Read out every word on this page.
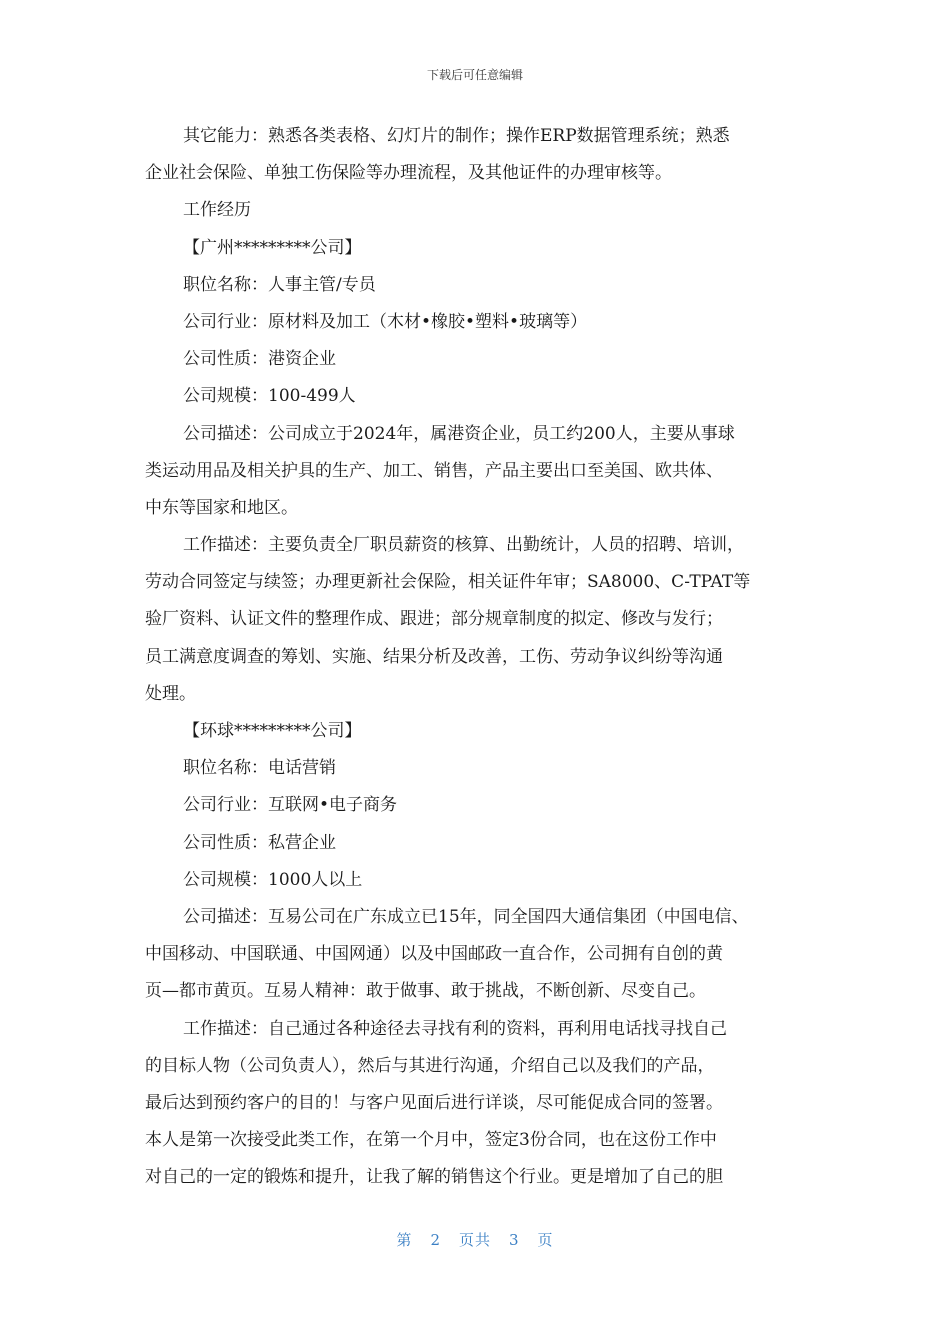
下载后可任意编辑
其它能力：熟悉各类表格、幻灯片的制作；操作ERP数据管理系统；熟悉
企业社会保险、单独工伤保险等办理流程，及其他证件的办理审核等。
工作经历
【广州*********公司】
职位名称：人事主管/专员
公司行业：原材料及加工（木材•橡胶•塑料•玻璃等）
公司性质：港资企业
公司规模：100-499人
公司描述：公司成立于2024年，属港资企业，员工约200人，主要从事球
类运动用品及相关护具的生产、加工、销售，产品主要出口至美国、欧共体、
中东等国家和地区。
工作描述：主要负责全厂职员薪资的核算、出勤统计，人员的招聘、培训，
劳动合同签定与续签；办理更新社会保险，相关证件年审；SA8000、C-TPAT等
验厂资料、认证文件的整理作成、跟进；部分规章制度的拟定、修改与发行；
员工满意度调查的筹划、实施、结果分析及改善，工伤、劳动争议纠纷等沟通
处理。
【环球*********公司】
职位名称：电话营销
公司行业：互联网•电子商务
公司性质：私营企业
公司规模：1000人以上
公司描述：互易公司在广东成立已15年，同全国四大通信集团（中国电信、
中国移动、中国联通、中国网通）以及中国邮政一直合作，公司拥有自创的黄
页—都市黄页。互易人精神：敢于做事、敢于挑战，不断创新、尽变自己。
工作描述：自己通过各种途径去寻找有利的资料，再利用电话找寻找自己
的目标人物（公司负责人），然后与其进行沟通，介绍自己以及我们的产品，
最后达到预约客户的目的！与客户见面后进行详谈，尽可能促成合同的签署。
本人是第一次接受此类工作，在第一个月中，签定3份合同，也在这份工作中
对自己的一定的锻炼和提升，让我了解的销售这个行业。更是增加了自己的胆
第 2 页共 3 页
